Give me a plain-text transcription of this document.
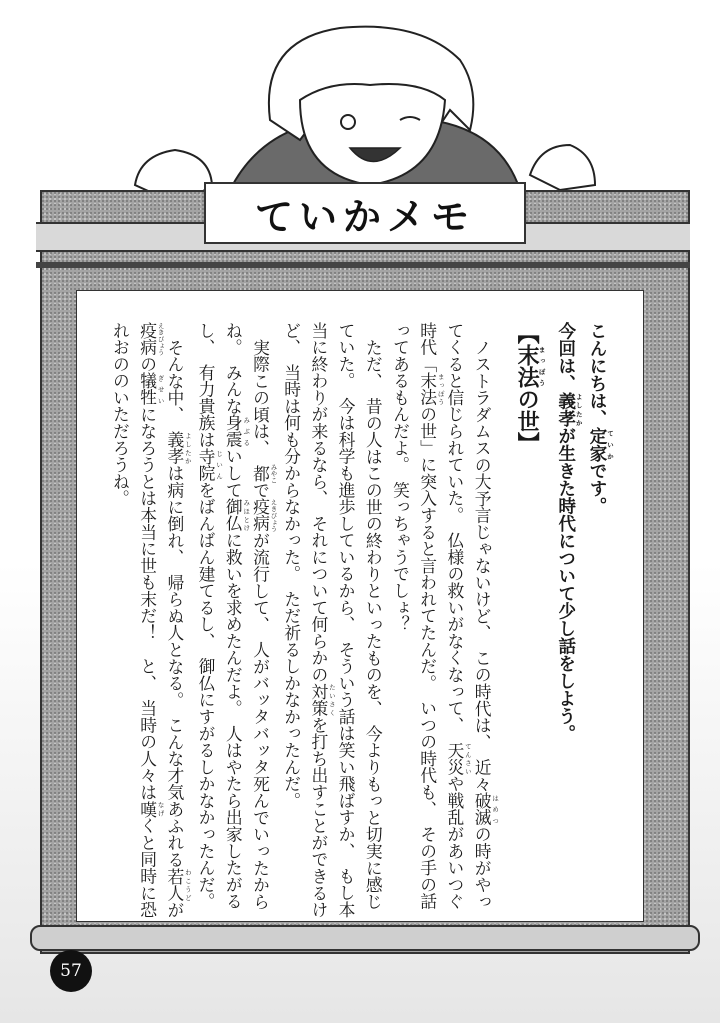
ていかメモ

こんにちは、定家 ていかです。

今回は、義孝 よしたかが生きた時代について少し話をしよう。

【末法まっぽうの世】

ノストラダムスの大予言じゃないけど、　この時代は、　近々破滅 はめつの時がやってくると信じられていた。　仏様の救いがなくなって、　天災 てんさいや戦乱があいつぐ時代「末法 まっぽうの世」に突入すると言われてたんだ。　いつの時代も、　その手の話ってあるもんだよ。　笑っちゃうでしょ？

ただ、　昔の人はこの世の終わりといったものを、　今よりもっと切実に感じていた。　今は科学も進歩しているから、　そういう話は笑い飛ばすか、　もし本当に終わりが来るなら、　それについて何らかの対策 たいさくを打ち出すことができるけど、　当時は何も分からなかった。　ただ祈るしかなかったんだ。

実際この頃は、　都 みやこで疫病 えきびょうが流行して、　人がバッタバッタ死んでいったからね。　みんな身震 みぶるいして御仏 みほとけに救いを求めたんだよ。　人はやたら出家したがるし、　有力貴族は寺院 じいんをばんばん建てるし、　御仏にすがるしかなかったんだ。

そんな中、　義孝 よしたかは病に倒れ、　帰らぬ人となる。　こんな才気あふれる若人 わこうどが疫病 えきびょうの犠牲 ぎせいになろうとは本当に世も末だ！　と、　当時の人々は嘆 なげくと同時に恐れおののいただろうね。

57
